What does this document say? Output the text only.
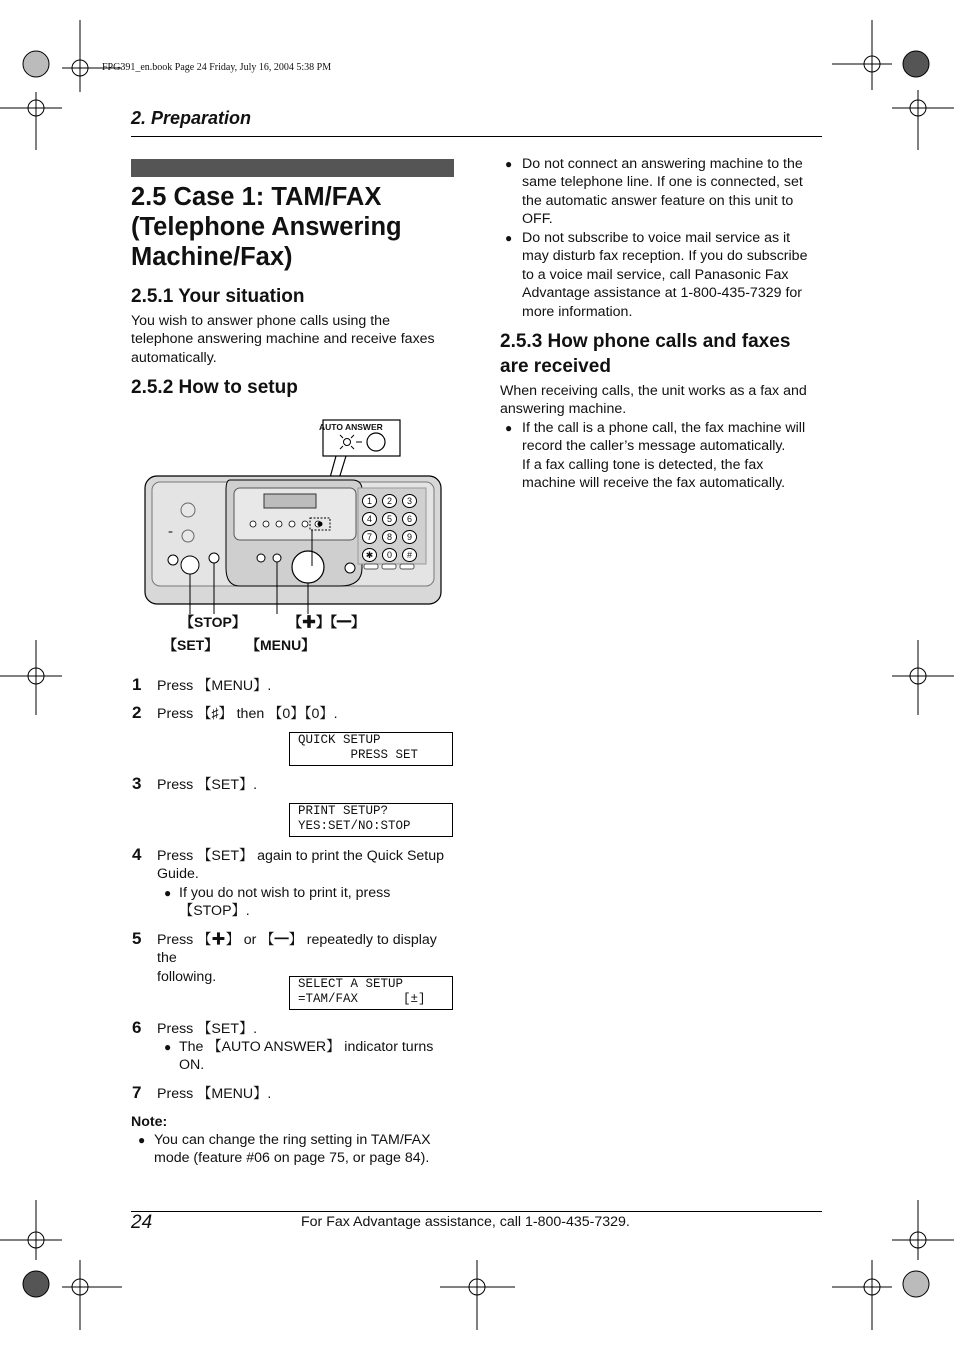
FPG391_en.book Page 24 Friday, July 16, 2004 5:38 PM
2. Preparation
2.5 Case 1: TAM/FAX
(Telephone Answering
Machine/Fax)
2.5.1 Your situation
You wish to answer phone calls using the
telephone answering machine and receive faxes
automatically.
2.5.2 How to setup
=
AUTO ANSWER
1	2	3
4	5	6
7	8	9
✱	0	#
【STOP】	【✚】【━】
【SET】 【MENU】
1 Press 【MENU】.
2 Press 【♯】 then 【0】【0】.
QUICK SETUP
PRESS SET
3 Press 【SET】.
PRINT SETUP?
YES:SET/NO:STOP
4 Press 【SET】 again to print the Quick Setup
Guide.
● If you do not wish to print it, press
【STOP】.
5 Press 【✚】 or 【━】 repeatedly to display the
following.	SELECT A SETUP
=TAM/FAX      [±]
6 Press 【SET】.
● The 【AUTO ANSWER】 indicator turns
ON.
7 Press 【MENU】.
Note:
● You can change the ring setting in TAM/FAX
mode (feature #06 on page 75, or page 84).
● Do not connect an answering machine to the
same telephone line. If one is connected, set
the automatic answer feature on this unit to
OFF.
● Do not subscribe to voice mail service as it
may disturb fax reception. If you do subscribe
to a voice mail service, call Panasonic Fax
Advantage assistance at 1-800-435-7329 for
more information.
2.5.3 How phone calls and faxes
are received
When receiving calls, the unit works as a fax and
answering machine.
● If the call is a phone call, the fax machine will
record the caller’s message automatically.
If a fax calling tone is detected, the fax
machine will receive the fax automatically.
24	For Fax Advantage assistance, call 1-800-435-7329.
